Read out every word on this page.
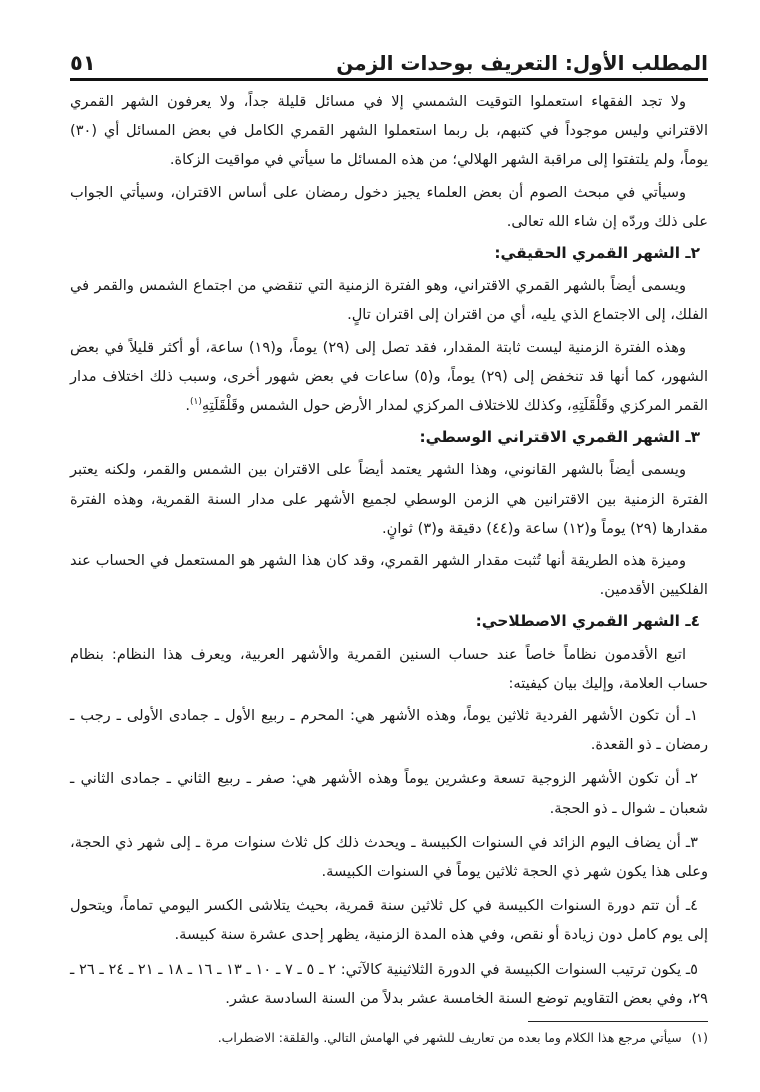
المطلب الأول: التعريف بوحدات الزمن
٥١

ولا تجد الفقهاء استعملوا التوقيت الشمسي إلا في مسائل قليلة جداً، ولا يعرفون الشهر القمري الاقتراني وليس موجوداً في كتبهم، بل ربما استعملوا الشهر القمري الكامل في بعض المسائل أي (٣٠) يوماً، ولم يلتفتوا إلى مراقبة الشهر الهلالي؛ من هذه المسائل ما سيأتي في مواقيت الزكاة.

وسيأتي في مبحث الصوم أن بعض العلماء يجيز دخول رمضان على أساس الاقتران، وسيأتي الجواب على ذلك وردّه إن شاء الله تعالى.

٢ـ الشهر القمري الحقيقي:

ويسمى أيضاً بالشهر القمري الاقتراني، وهو الفترة الزمنية التي تنقضي من اجتماع الشمس والقمر في الفلك، إلى الاجتماع الذي يليه، أي من اقتران إلى اقتران تالٍ.

وهذه الفترة الزمنية ليست ثابتة المقدار، فقد تصل إلى (٢٩) يوماً، و(١٩) ساعة، أو أكثر قليلاً في بعض الشهور، كما أنها قد تنخفض إلى (٢٩) يوماً، و(٥) ساعات في بعض شهور أخرى، وسبب ذلك اختلاف مدار القمر المركزي وقَلْقَلَتِهِ، وكذلك للاختلاف المركزي لمدار الأرض حول الشمس وقَلْقَلَتِهِ$^{(١)}$.

٣ـ الشهر القمري الاقتراني الوسطي:

ويسمى أيضاً بالشهر القانوني، وهذا الشهر يعتمد أيضاً على الاقتران بين الشمس والقمر، ولكنه يعتبر الفترة الزمنية بين الاقترانين هي الزمن الوسطي لجميع الأشهر على مدار السنة القمرية، وهذه الفترة مقدارها (٢٩) يوماً و(١٢) ساعة و(٤٤) دقيقة و(٣) ثوانٍ.

وميزة هذه الطريقة أنها تُثبت مقدار الشهر القمري، وقد كان هذا الشهر هو المستعمل في الحساب عند الفلكيين الأقدمين.

٤ـ الشهر القمري الاصطلاحي:

اتبع الأقدمون نظاماً خاصاً عند حساب السنين القمرية والأشهر العربية، ويعرف هذا النظام: بنظام حساب العلامة، وإليك بيان كيفيته:

١ـ أن تكون الأشهر الفردية ثلاثين يوماً، وهذه الأشهر هي: المحرم ـ ربيع الأول ـ جمادى الأولى ـ رجب ـ رمضان ـ ذو القعدة.

٢ـ أن تكون الأشهر الزوجية تسعة وعشرين يوماً وهذه الأشهر هي: صفر ـ ربيع الثاني ـ جمادى الثاني ـ شعبان ـ شوال ـ ذو الحجة.

٣ـ أن يضاف اليوم الزائد في السنوات الكبيسة ـ ويحدث ذلك كل ثلاث سنوات مرة ـ إلى شهر ذي الحجة، وعلى هذا يكون شهر ذي الحجة ثلاثين يوماً في السنوات الكبيسة.

٤ـ أن تتم دورة السنوات الكبيسة في كل ثلاثين سنة قمرية، بحيث يتلاشى الكسر اليومي تماماً، ويتحول إلى يوم كامل دون زيادة أو نقص، وفي هذه المدة الزمنية، يظهر إحدى عشرة سنة كبيسة.

٥ـ يكون ترتيب السنوات الكبيسة في الدورة الثلاثينية كالآتي: ٢ ـ ٥ ـ ٧ ـ ١٠ ـ ١٣ ـ ١٦ ـ ١٨ ـ ٢١ ـ ٢٤ ـ ٢٦ ـ ٢٩، وفي بعض التقاويم توضع السنة الخامسة عشر بدلاً من السنة السادسة عشر.

(١)
سيأتي مرجع هذا الكلام وما بعده من تعاريف للشهر في الهامش التالي. والقلقة: الاضطراب.
